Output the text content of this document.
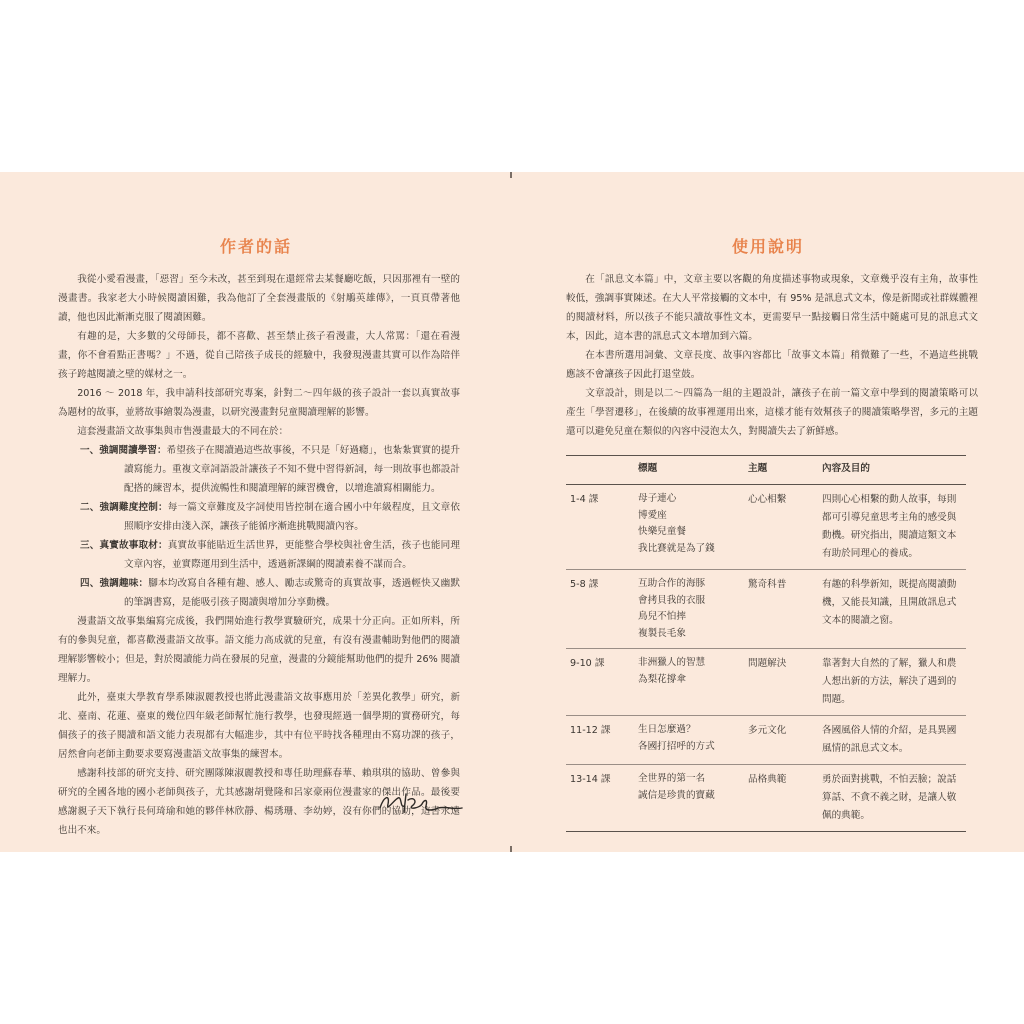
作者的話

我從小愛看漫畫，「惡習」至今未改，甚至到現在還經常去某餐廳吃飯，只因那裡有一壁的漫畫書。我家老大小時候閱讀困難，我為他訂了全套漫畫版的《射鵰英雄傳》，一頁頁帶著他讀，他也因此漸漸克服了閱讀困難。

有趣的是，大多數的父母師長，都不喜歡、甚至禁止孩子看漫畫，大人常罵：「還在看漫畫，你不會看點正書嗎？」不過，從自己陪孩子成長的經驗中，我發現漫畫其實可以作為陪伴孩子跨越閱讀之壁的媒材之一。

2016 ～ 2018 年，我申請科技部研究專案，針對二～四年級的孩子設計一套以真實故事為題材的故事，並將故事繪製為漫畫，以研究漫畫對兒童閱讀理解的影響。

這套漫畫語文故事集與市售漫畫最大的不同在於：

一、強調閱讀學習：希望孩子在閱讀過這些故事後，不只是「好過癮」，也紮紮實實的提升讀寫能力。重複文章詞語設計讓孩子不知不覺中習得新詞，每一則故事也都設計配搭的練習本，提供流暢性和閱讀理解的練習機會，以增進讀寫相關能力。
二、強調難度控制：每一篇文章難度及字詞使用皆控制在適合國小中年級程度，且文章依照順序安排由淺入深，讓孩子能循序漸進挑戰閱讀內容。
三、真實故事取材：真實故事能貼近生活世界，更能整合學校與社會生活，孩子也能同理文章內容，並實際運用到生活中，透過新課綱的閱讀素養不謀而合。
四、強調趣味：腳本均改寫自各種有趣、感人、勵志或驚奇的真實故事，透過輕快又幽默的筆調書寫，是能吸引孩子閱讀與增加分享動機。

漫畫語文故事集編寫完成後，我們開始進行教學實驗研究，成果十分正向。正如所料，所有的參與兒童，都喜歡漫畫語文故事。語文能力高成就的兒童，有沒有漫畫輔助對他們的閱讀理解影響較小；但是，對於閱讀能力尚在發展的兒童，漫畫的分鏡能幫助他們的提升 26% 閱讀理解力。

此外，臺東大學教育學系陳淑麗教授也將此漫畫語文故事應用於「差異化教學」研究，新北、臺南、花蓮、臺東的幾位四年級老師幫忙施行教學，也發現經過一個學期的實務研究，每個孩子的孩子閱讀和語文能力表現都有大幅進步，其中有位平時找各種理由不寫功課的孩子，居然會向老師主動要求要寫漫畫語文故事集的練習本。

感謝科技部的研究支持、研究團隊陳淑麗教授和專任助理蘇春華、賴琪琪的協助、曾參與研究的全國各地的國小老師與孩子，尤其感謝胡覺隆和呂家豪兩位漫畫家的傑出作品。最後要感謝親子天下執行長何琦瑜和她的夥伴林欣靜、楊琇珊、李幼婷，沒有你們的協助，這書永遠也出不來。

使用說明

在「訊息文本篇」中，文章主要以客觀的角度描述事物或現象，文章幾乎沒有主角，故事性較低，強調事實陳述。在大人平常接觸的文本中，有 95% 是訊息式文本，像是新聞或社群媒體裡的閱讀材料，所以孩子不能只讀故事性文本，更需要早一點接觸日常生活中隨處可見的訊息式文本，因此，這本書的訊息式文本增加到六篇。

在本書所選用詞彙、文章長度、故事內容都比「故事文本篇」稍微難了一些，不過這些挑戰應該不會讓孩子因此打退堂鼓。

文章設計，則是以二～四篇為一組的主題設計，讓孩子在前一篇文章中學到的閱讀策略可以產生「學習遷移」，在後續的故事裡運用出來，這樣才能有效幫孩子的閱讀策略學習，多元的主題還可以避免兒童在類似的內容中浸泡太久，對閱讀失去了新鮮感。

	標題	主題	內容及目的
1-4 課	母子連心
博愛座
快樂兒童餐
我比賽就是為了錢	心心相繫	四則心心相繫的動人故事，每則都可引導兒童思考主角的感受與動機。研究指出，閱讀這類文本有助於同理心的養成。
5-8 課	互助合作的海豚
會拷貝我的衣服
鳥兒不怕摔
複製長毛象	驚奇科普	有趣的科學新知，既提高閱讀動機，又能長知識，且開啟訊息式文本的閱讀之窗。
9-10 課	非洲獵人的智慧
為梨花撐傘	問題解決	靠著對大自然的了解，獵人和農人想出新的方法，解決了遇到的問題。
11-12 課	生日怎麼過？
各國打招呼的方式	多元文化	各國風俗人情的介紹，是具異國風情的訊息式文本。
13-14 課	全世界的第一名
誠信是珍貴的寶藏	品格典範	勇於面對挑戰，不怕丟臉；說話算話、不貪不義之財，是讓人敬佩的典範。
